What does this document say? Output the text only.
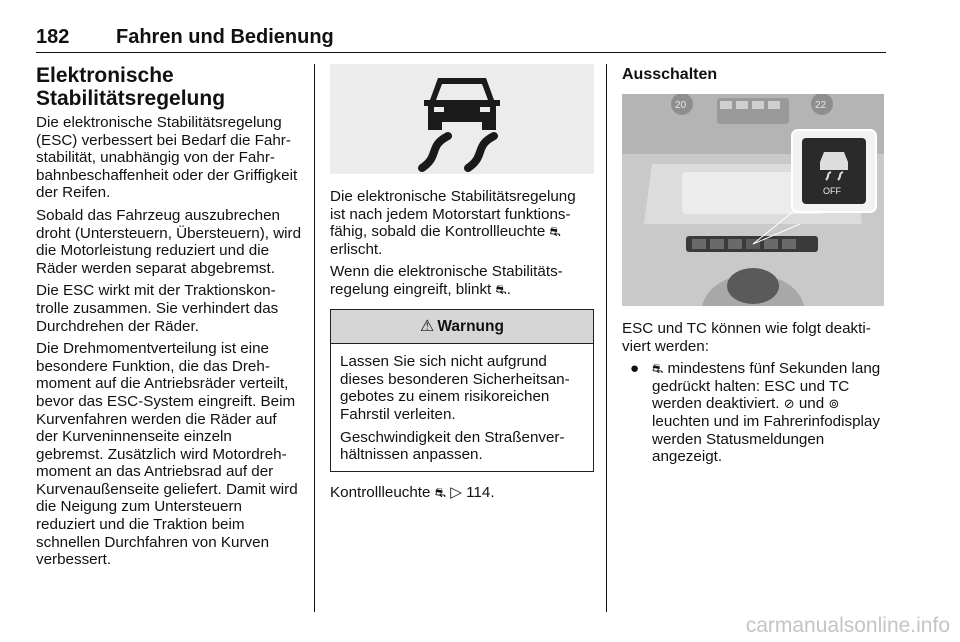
182 Fahren und Bedienung
Elektronische Stabilitätsregelung

Die elektronische Stabilitätsregelung (ESC) verbessert bei Bedarf die Fahrstabilität, unabhängig von der Fahrbahnbeschaffenheit oder der Griffigkeit der Reifen.

Sobald das Fahrzeug auszubrechen droht (Untersteuern, Übersteuern), wird die Motorleistung reduziert und die Räder werden separat abgebremst.

Die ESC wirkt mit der Traktionskontrolle zusammen. Sie verhindert das Durchdrehen der Räder.

Die Drehmomentverteilung ist eine besondere Funktion, die das Drehmoment auf die Antriebsräder verteilt, bevor das ESC-System eingreift. Beim Kurvenfahren werden die Räder auf der Kurveninnenseite einzeln gebremst. Zusätzlich wird Motordrehmoment an das Antriebsrad auf der Kurvenaußenseite geliefert. Damit wird die Neigung zum Untersteuern reduziert und die Traktion beim schnellen Durchfahren von Kurven verbessert.

Die elektronische Stabilitätsregelung ist nach jedem Motorstart funktionsfähig, sobald die Kontrollleuchte ⛐
erlischt.

Wenn die elektronische Stabilitätsregelung eingreift, blinkt ⛐.

⚠ Warnung

Lassen Sie sich nicht aufgrund dieses besonderen Sicherheitsangebotes zu einem risikoreichen Fahrstil verleiten.

Geschwindigkeit den Straßenverhältnissen anpassen.

Kontrollleuchte ⛐ ▷ 114.

Ausschalten
20	22
OFF

ESC und TC können wie folgt deaktiviert werden:

● ⛐ mindestens fünf Sekunden lang gedrückt halten: ESC und TC werden deaktiviert. ⊘ und ⊚ leuchten und im Fahrerinfodisplay werden Statusmeldungen angezeigt.

carmanualsonline.info
